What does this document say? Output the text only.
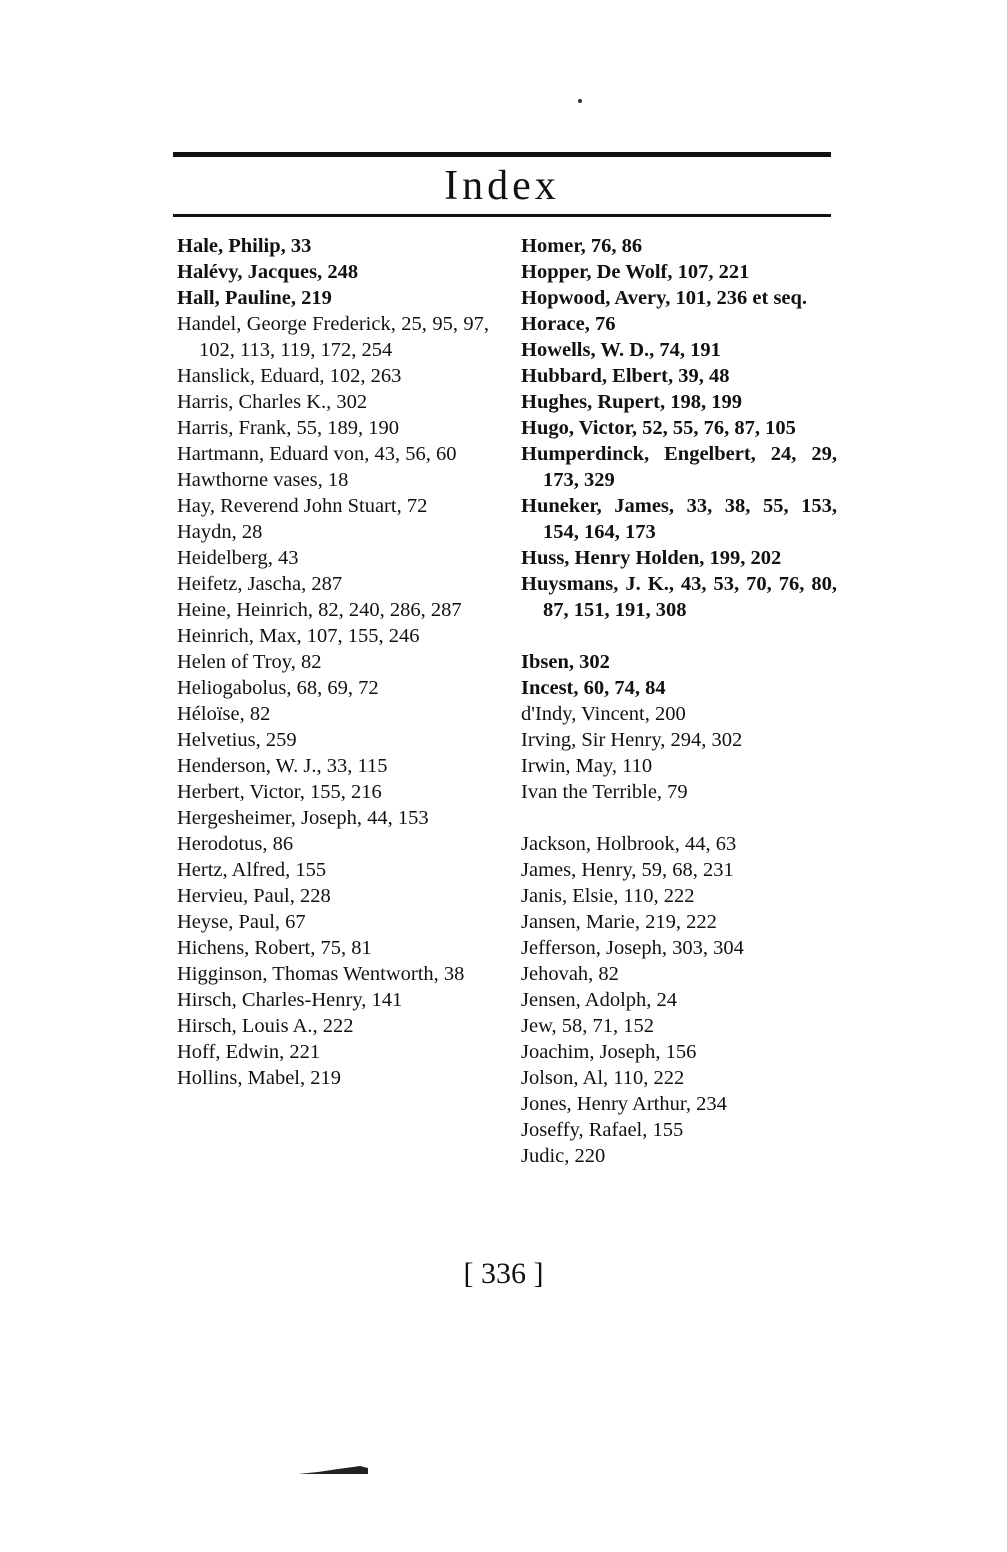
Index
Hale, Philip, 33
Halévy, Jacques, 248
Hall, Pauline, 219
Handel, George Frederick, 25, 95, 97, 102, 113, 119, 172, 254
Hanslick, Eduard, 102, 263
Harris, Charles K., 302
Harris, Frank, 55, 189, 190
Hartmann, Eduard von, 43, 56, 60
Hawthorne vases, 18
Hay, Reverend John Stuart, 72
Haydn, 28
Heidelberg, 43
Heifetz, Jascha, 287
Heine, Heinrich, 82, 240, 286, 287
Heinrich, Max, 107, 155, 246
Helen of Troy, 82
Heliogabolus, 68, 69, 72
Héloïse, 82
Helvetius, 259
Henderson, W. J., 33, 115
Herbert, Victor, 155, 216
Hergesheimer, Joseph, 44, 153
Herodotus, 86
Hertz, Alfred, 155
Hervieu, Paul, 228
Heyse, Paul, 67
Hichens, Robert, 75, 81
Higginson, Thomas Wentworth, 38
Hirsch, Charles-Henry, 141
Hirsch, Louis A., 222
Hoff, Edwin, 221
Hollins, Mabel, 219
Homer, 76, 86
Hopper, De Wolf, 107, 221
Hopwood, Avery, 101, 236 et seq.
Horace, 76
Howells, W. D., 74, 191
Hubbard, Elbert, 39, 48
Hughes, Rupert, 198, 199
Hugo, Victor, 52, 55, 76, 87, 105
Humperdinck, Engelbert, 24, 29, 173, 329
Huneker, James, 33, 38, 55, 153, 154, 164, 173
Huss, Henry Holden, 199, 202
Huysmans, J. K., 43, 53, 70, 76, 80, 87, 151, 191, 308
Ibsen, 302
Incest, 60, 74, 84
d'Indy, Vincent, 200
Irving, Sir Henry, 294, 302
Irwin, May, 110
Ivan the Terrible, 79
Jackson, Holbrook, 44, 63
James, Henry, 59, 68, 231
Janis, Elsie, 110, 222
Jansen, Marie, 219, 222
Jefferson, Joseph, 303, 304
Jehovah, 82
Jensen, Adolph, 24
Jew, 58, 71, 152
Joachim, Joseph, 156
Jolson, Al, 110, 222
Jones, Henry Arthur, 234
Joseffy, Rafael, 155
Judic, 220
[ 336 ]
